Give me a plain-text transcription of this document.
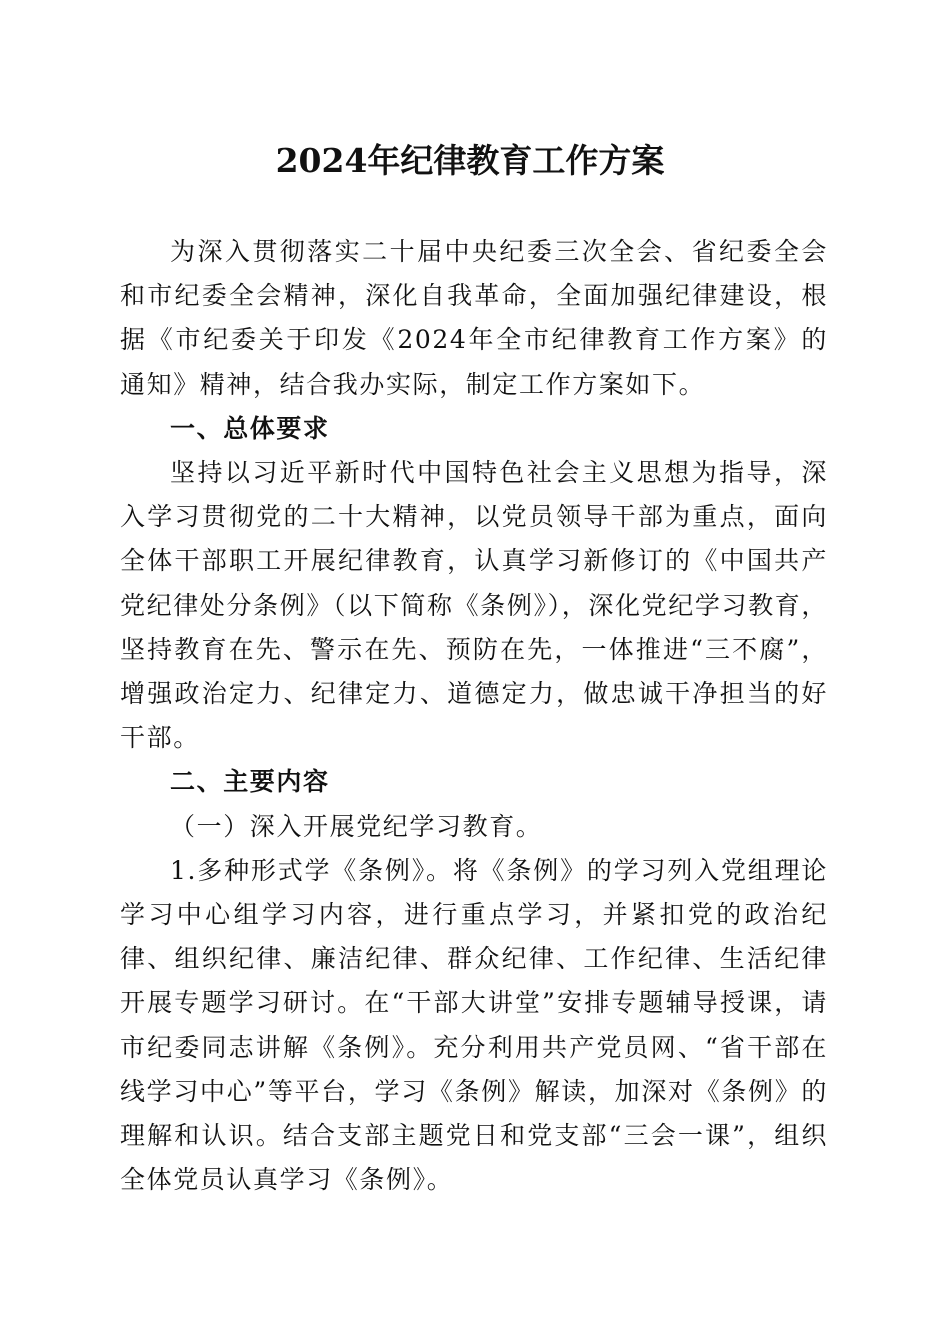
2024年纪律教育工作方案

为深入贯彻落实二十届中央纪委三次全会、省纪委全会和市纪委全会精神，深化自我革命，全面加强纪律建设，根据《市纪委关于印发《2024年全市纪律教育工作方案》的通知》精神，结合我办实际，制定工作方案如下。

一、总体要求

坚持以习近平新时代中国特色社会主义思想为指导，深入学习贯彻党的二十大精神，以党员领导干部为重点，面向全体干部职工开展纪律教育，认真学习新修订的《中国共产党纪律处分条例》（以下简称《条例》），深化党纪学习教育，坚持教育在先、警示在先、预防在先，一体推进“三不腐”，增强政治定力、纪律定力、道德定力，做忠诚干净担当的好干部。

二、主要内容

（一）深入开展党纪学习教育。

1.多种形式学《条例》。将《条例》的学习列入党组理论学习中心组学习内容，进行重点学习，并紧扣党的政治纪律、组织纪律、廉洁纪律、群众纪律、工作纪律、生活纪律开展专题学习研讨。在“干部大讲堂”安排专题辅导授课，请市纪委同志讲解《条例》。充分利用共产党员网、“省干部在线学习中心”等平台，学习《条例》解读，加深对《条例》的理解和认识。结合支部主题党日和党支部“三会一课”，组织全体党员认真学习《条例》。
